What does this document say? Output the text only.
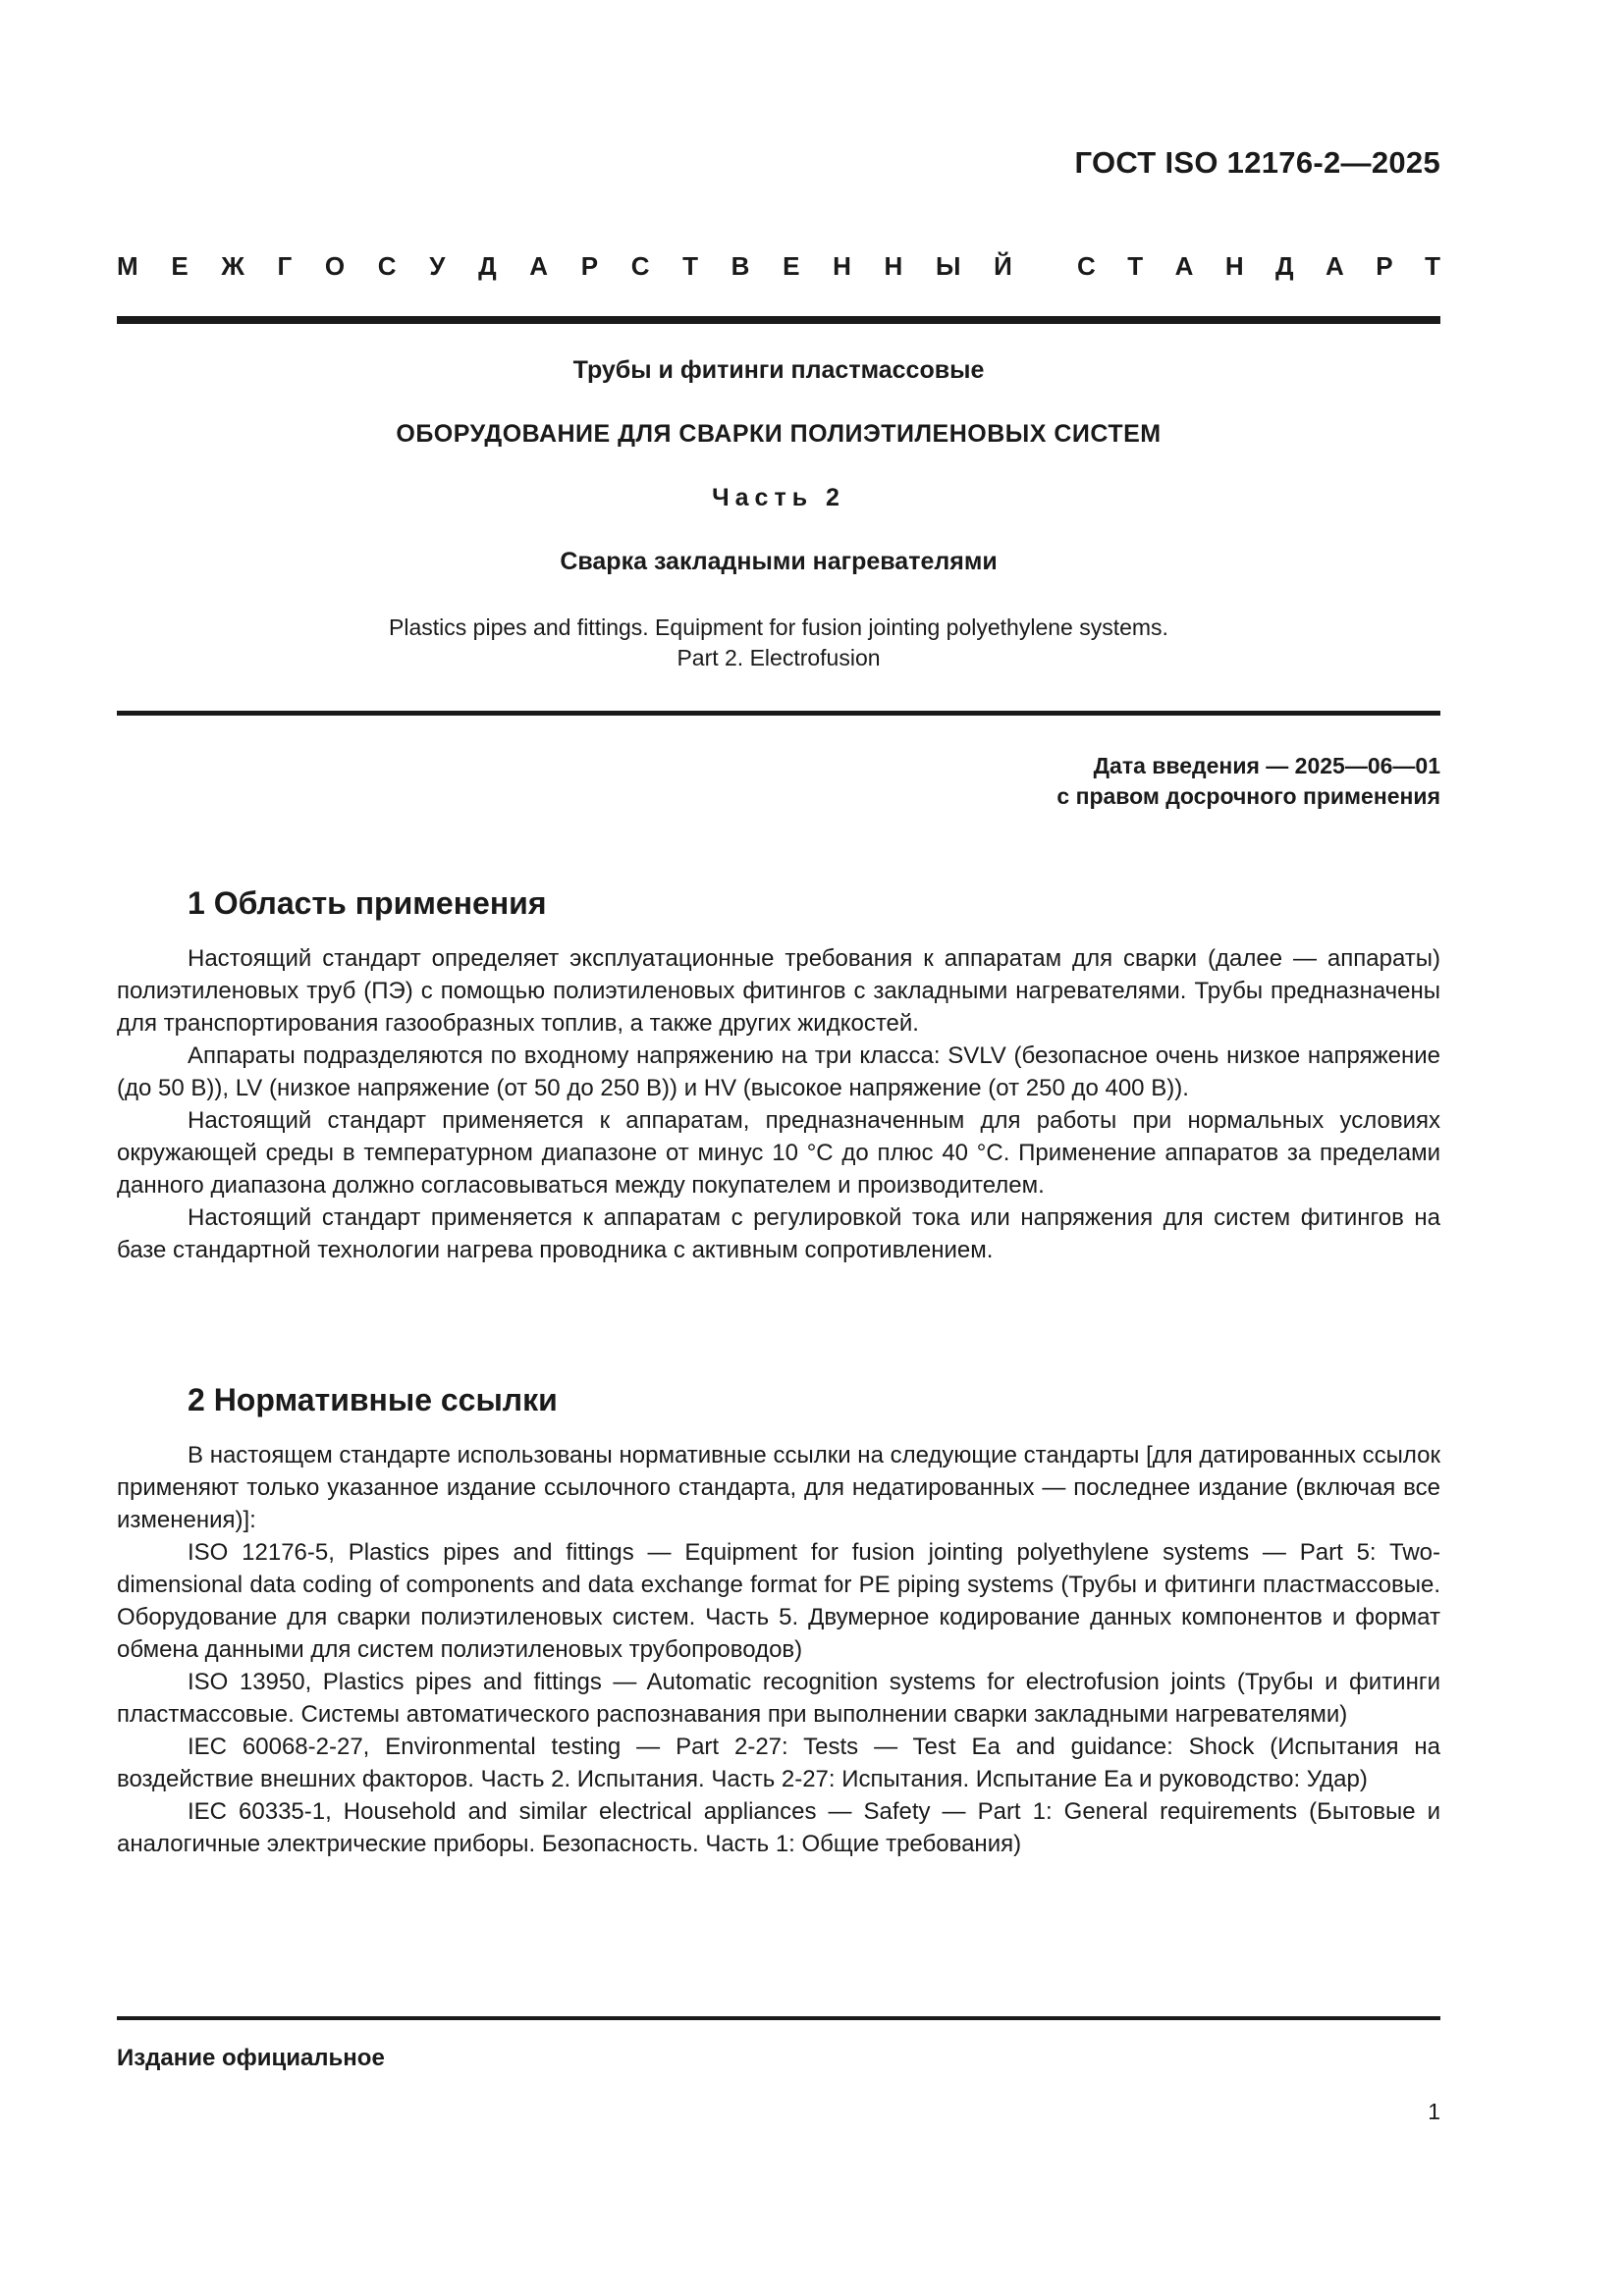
ГОСТ ISO 12176-2—2025
М Е Ж Г О С У Д А Р С Т В Е Н Н Ы Й	С Т А Н Д А Р Т
Трубы и фитинги пластмассовые
ОБОРУДОВАНИЕ ДЛЯ СВАРКИ ПОЛИЭТИЛЕНОВЫХ СИСТЕМ
Часть 2
Сварка закладными нагревателями
Plastics pipes and fittings. Equipment for fusion jointing polyethylene systems.
Part 2. Electrofusion
Дата введения — 2025—06—01
с правом досрочного применения
1 Область применения

Настоящий стандарт определяет эксплуатационные требования к аппаратам для сварки (далее — аппараты) полиэтиленовых труб (ПЭ) с помощью полиэтиленовых фитингов с закладными нагревателями. Трубы предназначены для транспортирования газообразных топлив, а также других жидкостей.

Аппараты подразделяются по входному напряжению на три класса: SVLV (безопасное очень низкое напряжение (до 50 В)), LV (низкое напряжение (от 50 до 250 В)) и HV (высокое напряжение (от 250 до 400 В)).

Настоящий стандарт применяется к аппаратам, предназначенным для работы при нормальных условиях окружающей среды в температурном диапазоне от минус 10 °С до плюс 40 °С. Применение аппаратов за пределами данного диапазона должно согласовываться между покупателем и производителем.

Настоящий стандарт применяется к аппаратам с регулировкой тока или напряжения для систем фитингов на базе стандартной технологии нагрева проводника с активным сопротивлением.

2 Нормативные ссылки

В настоящем стандарте использованы нормативные ссылки на следующие стандарты [для датированных ссылок применяют только указанное издание ссылочного стандарта, для недатированных — последнее издание (включая все изменения)]:

ISO 12176-5, Plastics pipes and fittings — Equipment for fusion jointing polyethylene systems — Part 5: Two-dimensional data coding of components and data exchange format for PE piping systems (Трубы и фитинги пластмассовые. Оборудование для сварки полиэтиленовых систем. Часть 5. Двумерное кодирование данных компонентов и формат обмена данными для систем полиэтиленовых трубопроводов)

ISO 13950, Plastics pipes and fittings — Automatic recognition systems for electrofusion joints (Трубы и фитинги пластмассовые. Системы автоматического распознавания при выполнении сварки закладными нагревателями)

IEC 60068-2-27, Environmental testing — Part 2-27: Tests — Test Ea and guidance: Shock (Испытания на воздействие внешних факторов. Часть 2. Испытания. Часть 2-27: Испытания. Испытание Еа и руководство: Удар)

IEC 60335-1, Household and similar electrical appliances — Safety — Part 1: General requirements (Бытовые и аналогичные электрические приборы. Безопасность. Часть 1: Общие требования)

Издание официальное
1
